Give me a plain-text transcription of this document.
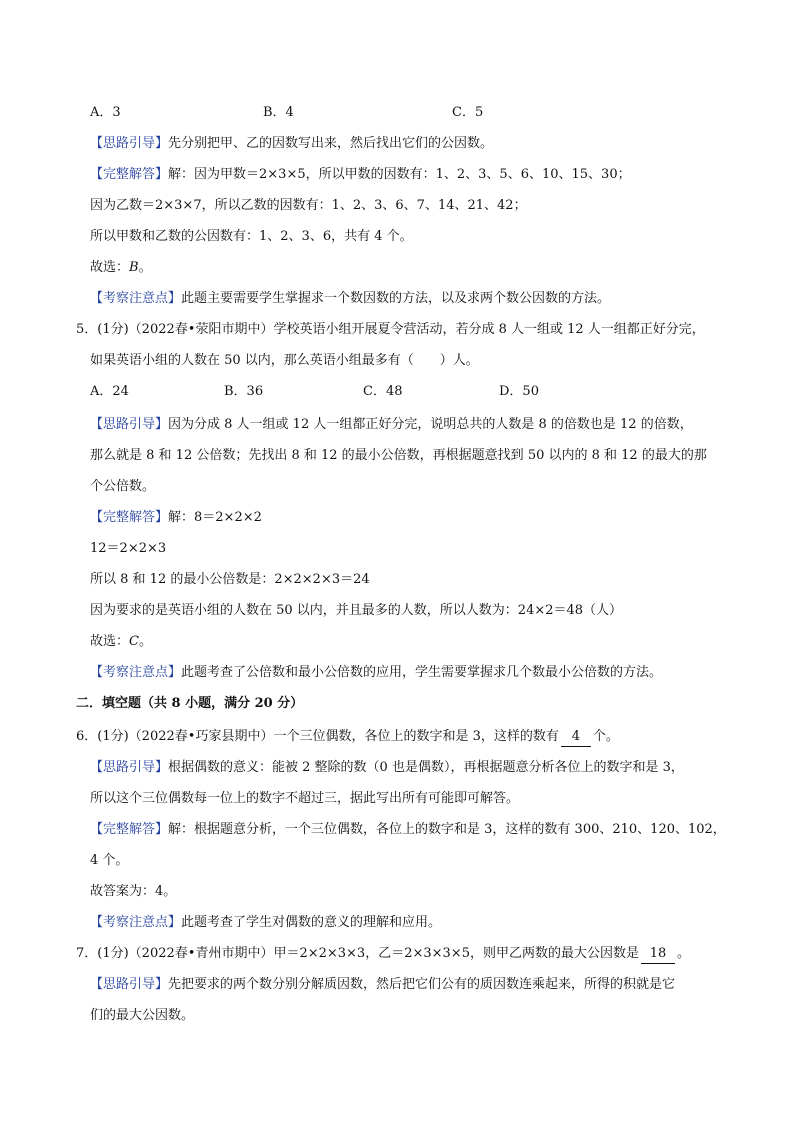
A．3	B．4	C．5
【思路引导】先分别把甲、乙的因数写出来，然后找出它们的公因数。
【完整解答】解：因为甲数＝2×3×5，所以甲数的因数有：1、2、3、5、6、10、15、30；
因为乙数＝2×3×7，所以乙数的因数有：1、2、3、6、7、14、21、42；
所以甲数和乙数的公因数有：1、2、3、6，共有 4 个。
故选：B。
【考察注意点】此题主要需要学生掌握求一个数因数的方法，以及求两个数公因数的方法。
5．(1分)（2022春•荥阳市期中）学校英语小组开展夏令营活动，若分成 8 人一组或 12 人一组都正好分完，
如果英语小组的人数在 50 以内，那么英语小组最多有（　　）人。
A．24	B．36	C．48	D．50
【思路引导】因为分成 8 人一组或 12 人一组都正好分完，说明总共的人数是 8 的倍数也是 12 的倍数，
那么就是 8 和 12 公倍数；先找出 8 和 12 的最小公倍数，再根据题意找到 50 以内的 8 和 12 的最大的那
个公倍数。
【完整解答】解：8＝2×2×2
12＝2×2×3
所以 8 和 12 的最小公倍数是：2×2×2×3＝24
因为要求的是英语小组的人数在 50 以内，并且最多的人数，所以人数为：24×2＝48（人）
故选：C。
【考察注意点】此题考查了公倍数和最小公倍数的应用，学生需要掌握求几个数最小公倍数的方法。
二．填空题（共 8 小题，满分 20 分）
6．(1分)（2022春•巧家县期中）一个三位偶数，各位上的数字和是 3，这样的数有 4 个。
【思路引导】根据偶数的意义：能被 2 整除的数（0 也是偶数），再根据题意分析各位上的数字和是 3，
所以这个三位偶数每一位上的数字不超过三，据此写出所有可能即可解答。
【完整解答】解：根据题意分析，一个三位偶数，各位上的数字和是 3，这样的数有 300、210、120、102，
4 个。
故答案为：4。
【考察注意点】此题考查了学生对偶数的意义的理解和应用。
7．(1分)（2022春•青州市期中）甲＝2×2×3×3，乙＝2×3×3×5，则甲乙两数的最大公因数是 18 。
【思路引导】先把要求的两个数分别分解质因数，然后把它们公有的质因数连乘起来，所得的积就是它
们的最大公因数。
